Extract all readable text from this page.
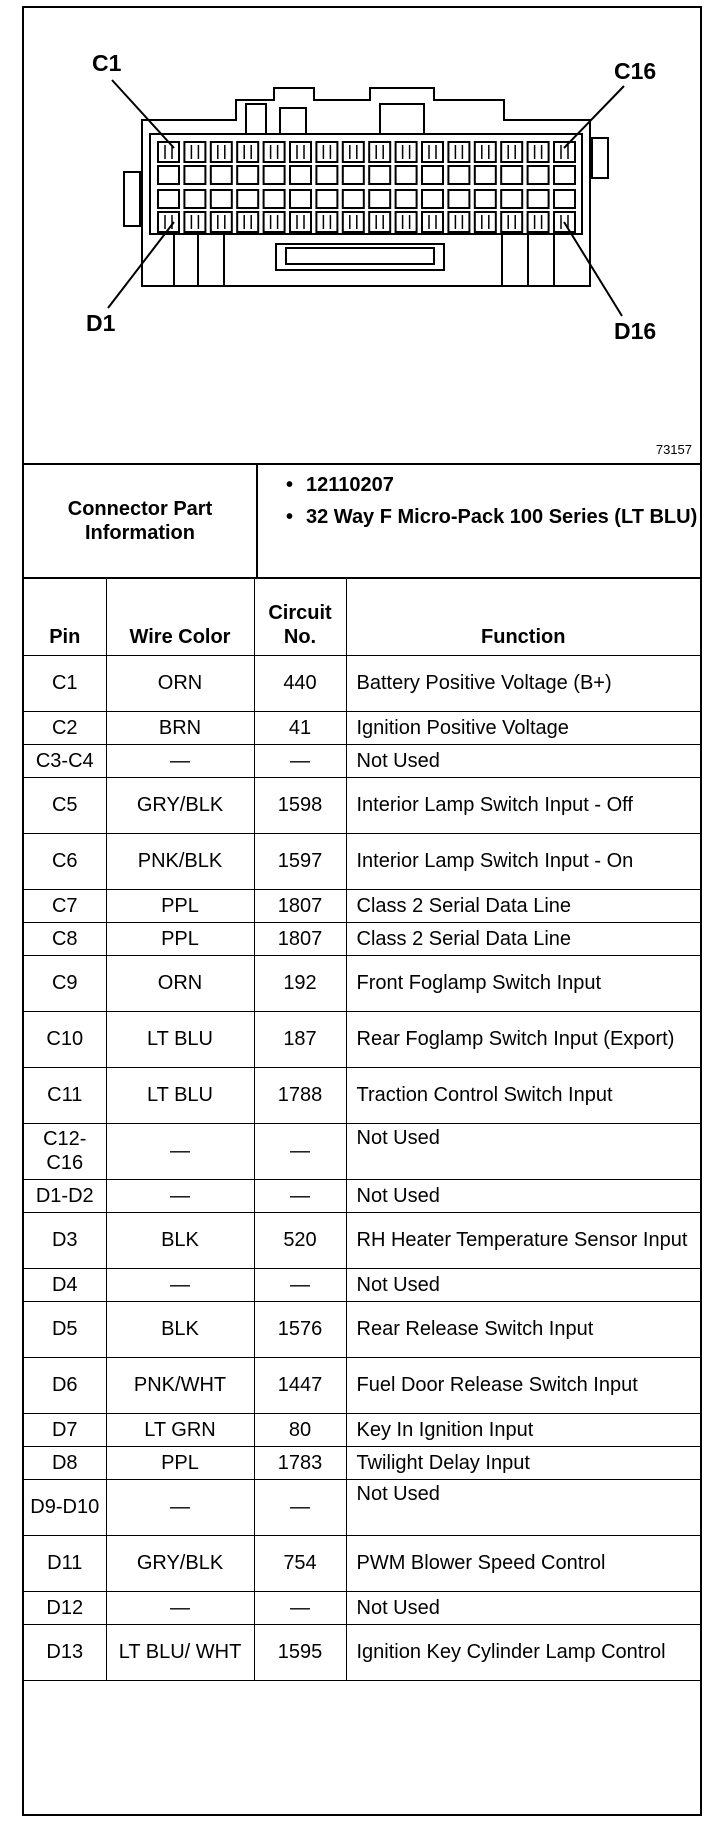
C1	C16
D1	D16
73157
Connector Part
Information
• 12110207
• 32 Way F Micro-Pack 100 Series (LT BLU)
Pin	Wire Color	Circuit No.	Function
C1	ORN	440	Battery Positive Voltage (B+)
C2	BRN	41	Ignition Positive Voltage
C3-C4	—	—	Not Used
C5	GRY/BLK	1598	Interior Lamp Switch Input - Off
C6	PNK/BLK	1597	Interior Lamp Switch Input - On
C7	PPL	1807	Class 2 Serial Data Line
C8	PPL	1807	Class 2 Serial Data Line
C9	ORN	192	Front Foglamp Switch Input
C10	LT BLU	187	Rear Foglamp Switch Input (Export)
C11	LT BLU	1788	Traction Control Switch Input
C12-C16	—	—	Not Used
D1-D2	—	—	Not Used
D3	BLK	520	RH Heater Temperature Sensor Input
D4	—	—	Not Used
D5	BLK	1576	Rear Release Switch Input
D6	PNK/WHT	1447	Fuel Door Release Switch Input
D7	LT GRN	80	Key In Ignition Input
D8	PPL	1783	Twilight Delay Input
D9-D10	—	—	Not Used
D11	GRY/BLK	754	PWM Blower Speed Control
D12	—	—	Not Used
D13	LT BLU/ WHT	1595	Ignition Key Cylinder Lamp Control
